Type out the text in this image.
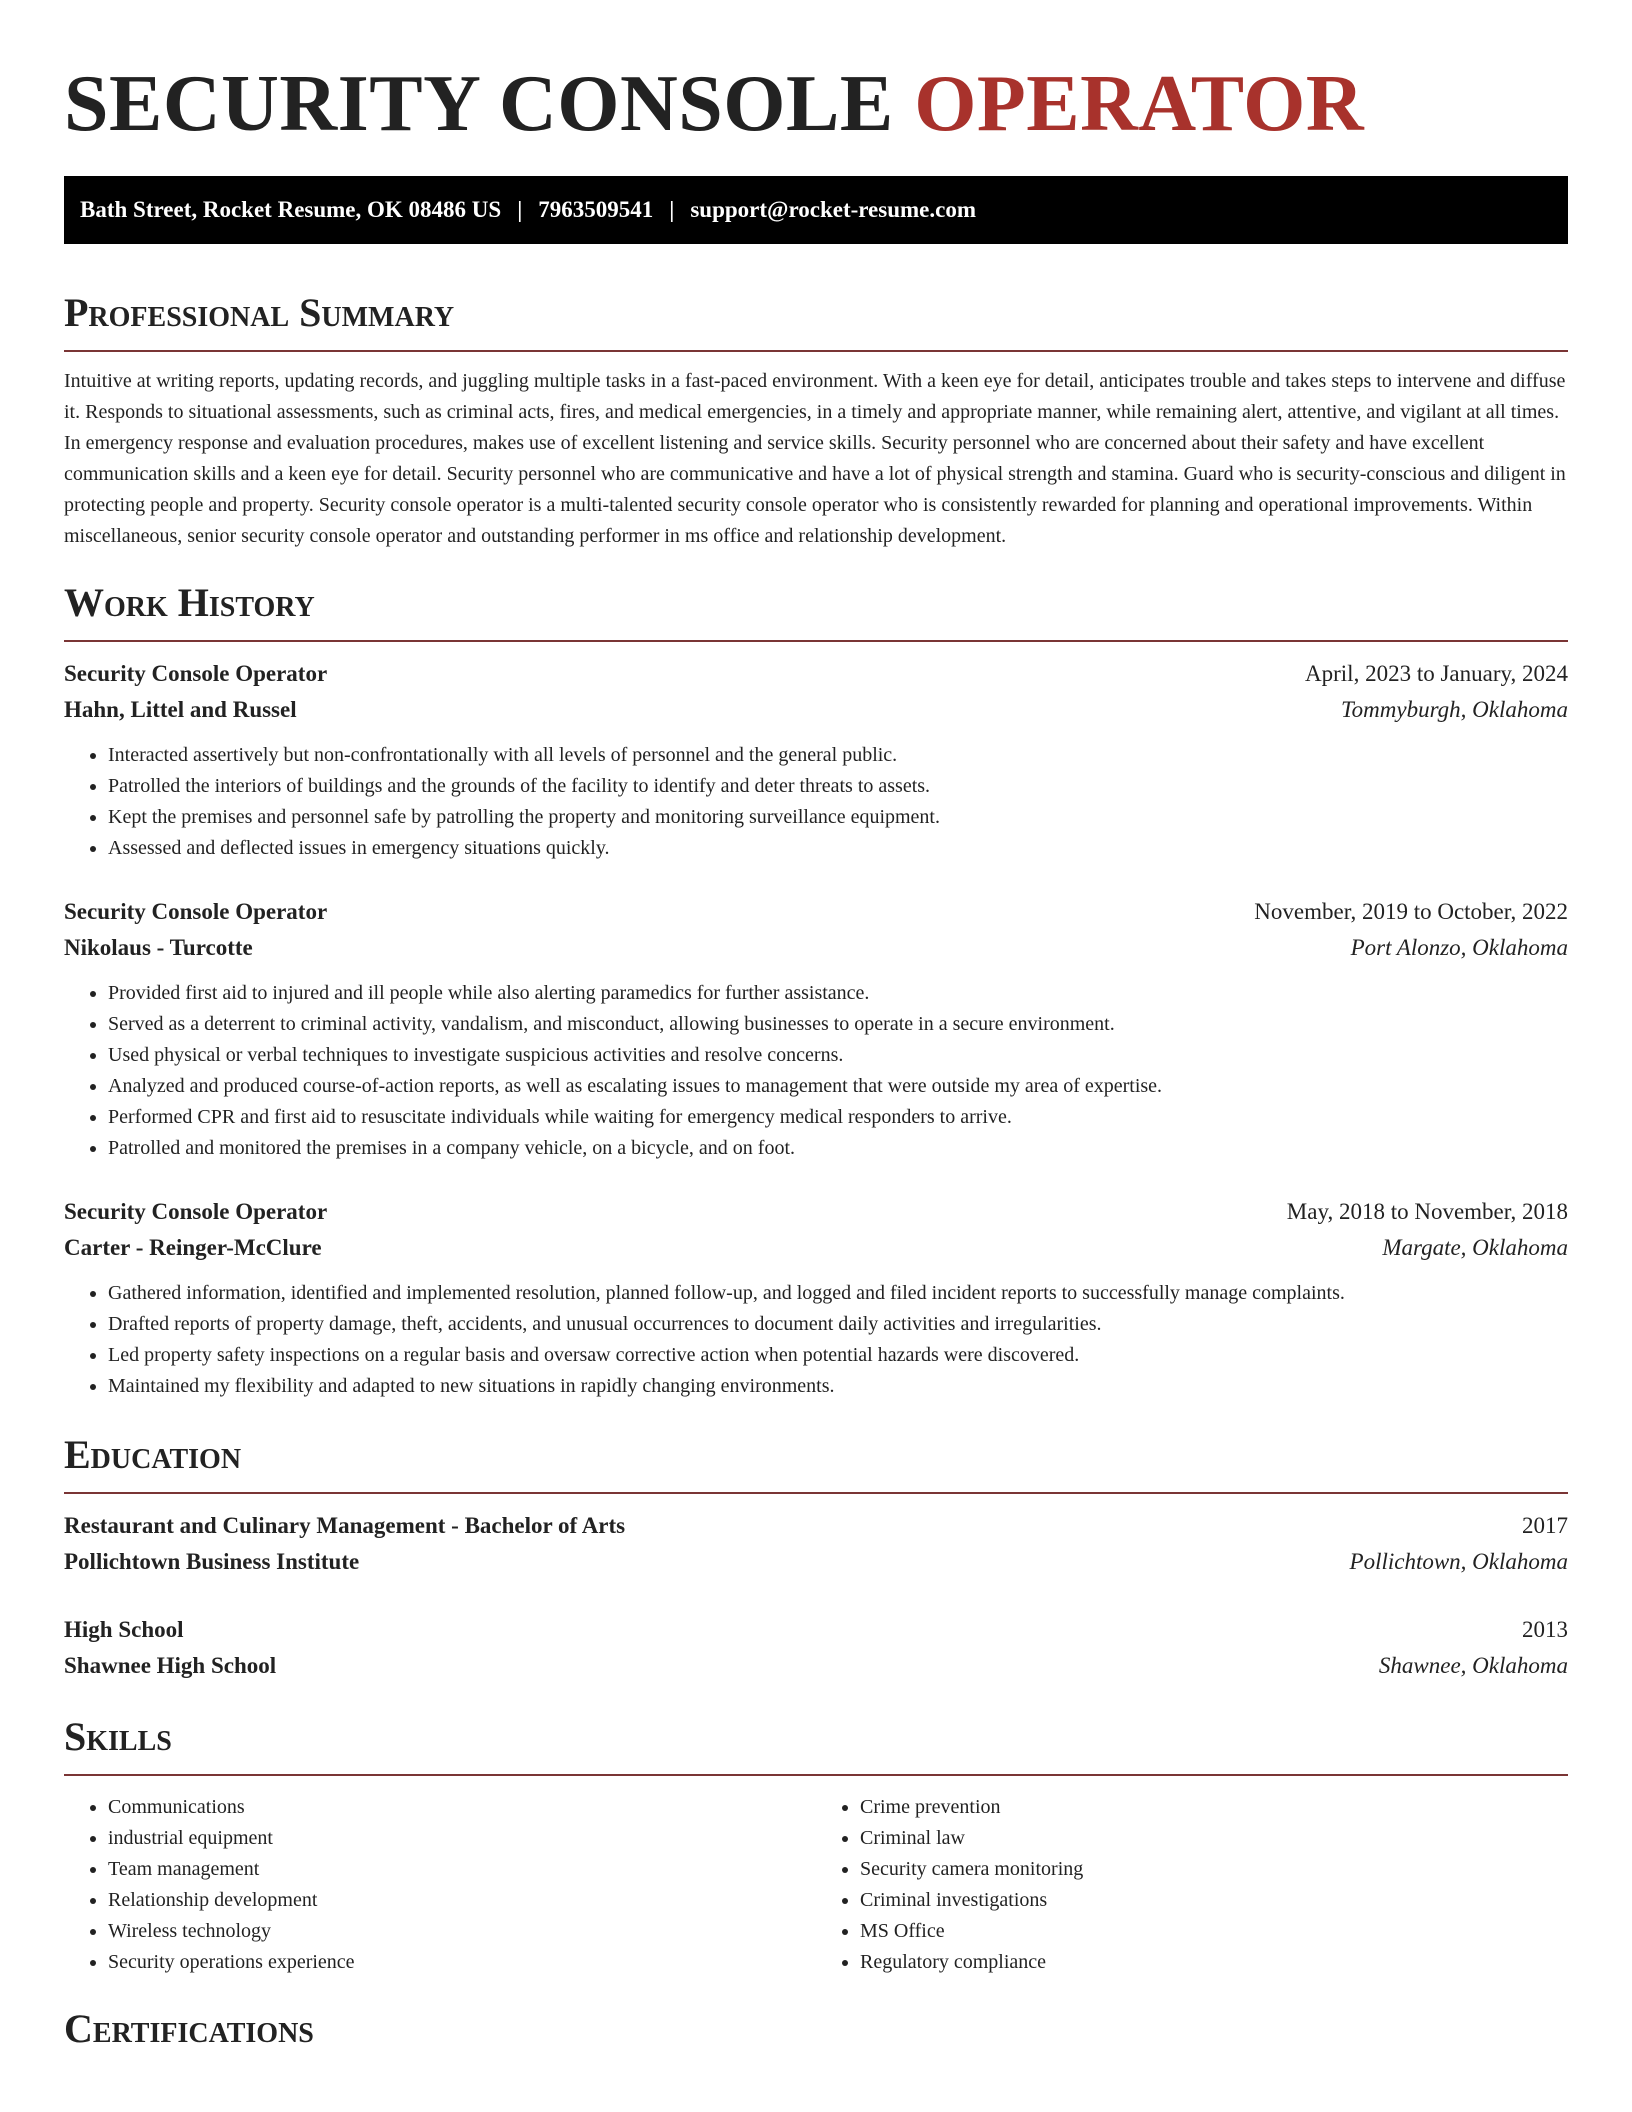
SECURITY CONSOLE OPERATOR
Bath Street, Rocket Resume, OK 08486 US | 7963509541 | support@rocket-resume.com
Professional Summary

Intuitive at writing reports, updating records, and juggling multiple tasks in a fast-paced environment. With a keen eye for detail, anticipates trouble and takes steps to intervene and diffuse it. Responds to situational assessments, such as criminal acts, fires, and medical emergencies, in a timely and appropriate manner, while remaining alert, attentive, and vigilant at all times. In emergency response and evaluation procedures, makes use of excellent listening and service skills. Security personnel who are concerned about their safety and have excellent communication skills and a keen eye for detail. Security personnel who are communicative and have a lot of physical strength and stamina. Guard who is security-conscious and diligent in protecting people and property. Security console operator is a multi-talented security console operator who is consistently rewarded for planning and operational improvements. Within miscellaneous, senior security console operator and outstanding performer in ms office and relationship development.

Work History
Security Console Operator	April, 2023 to January, 2024
Hahn, Littel and Russel	Tommyburgh, Oklahoma
• Interacted assertively but non-confrontationally with all levels of personnel and the general public.
• Patrolled the interiors of buildings and the grounds of the facility to identify and deter threats to assets.
• Kept the premises and personnel safe by patrolling the property and monitoring surveillance equipment.
• Assessed and deflected issues in emergency situations quickly.
Security Console Operator	November, 2019 to October, 2022
Nikolaus - Turcotte	Port Alonzo, Oklahoma
• Provided first aid to injured and ill people while also alerting paramedics for further assistance.
• Served as a deterrent to criminal activity, vandalism, and misconduct, allowing businesses to operate in a secure environment.
• Used physical or verbal techniques to investigate suspicious activities and resolve concerns.
• Analyzed and produced course-of-action reports, as well as escalating issues to management that were outside my area of expertise.
• Performed CPR and first aid to resuscitate individuals while waiting for emergency medical responders to arrive.
• Patrolled and monitored the premises in a company vehicle, on a bicycle, and on foot.
Security Console Operator	May, 2018 to November, 2018
Carter - Reinger-McClure	Margate, Oklahoma
• Gathered information, identified and implemented resolution, planned follow-up, and logged and filed incident reports to successfully manage complaints.
• Drafted reports of property damage, theft, accidents, and unusual occurrences to document daily activities and irregularities.
• Led property safety inspections on a regular basis and oversaw corrective action when potential hazards were discovered.
• Maintained my flexibility and adapted to new situations in rapidly changing environments.
Education
Restaurant and Culinary Management - Bachelor of Arts	2017
Pollichtown Business Institute	Pollichtown, Oklahoma
High School	2013
Shawnee High School	Shawnee, Oklahoma
Skills
• Communications
• industrial equipment
• Team management
• Relationship development
• Wireless technology
• Security operations experience
• Crime prevention
• Criminal law
• Security camera monitoring
• Criminal investigations
• MS Office
• Regulatory compliance
Certifications
